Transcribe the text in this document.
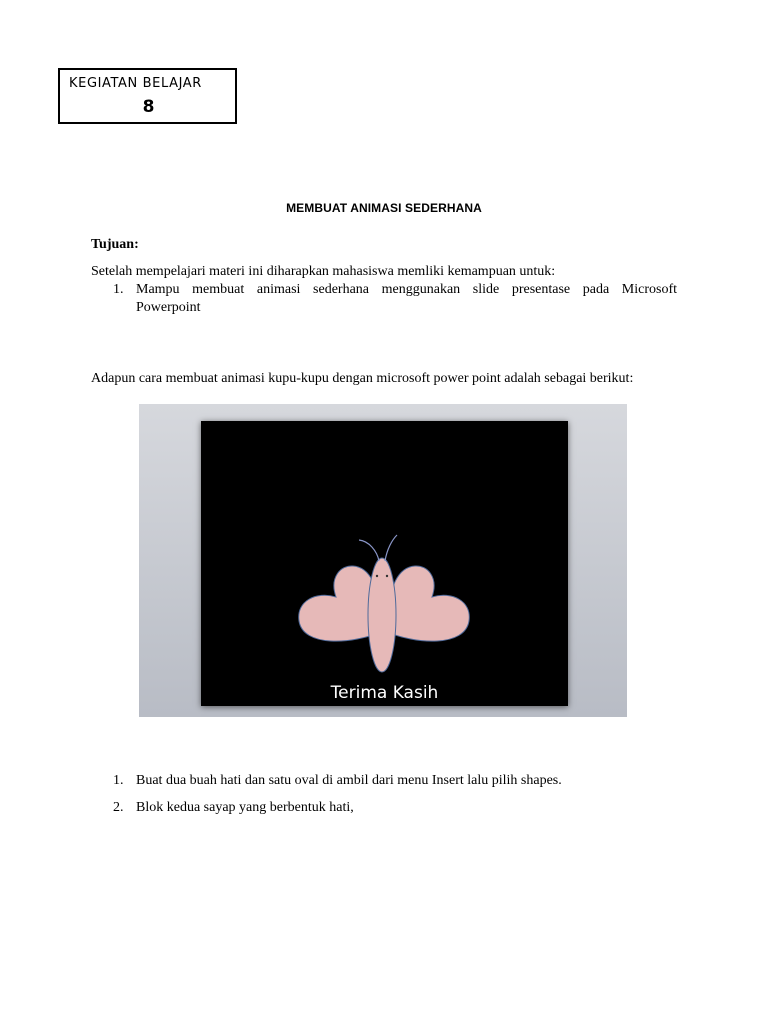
KEGIATAN BELAJAR
8
MEMBUAT ANIMASI SEDERHANA
Tujuan:
Setelah mempelajari materi ini diharapkan mahasiswa memliki kemampuan untuk:
1. Mampu membuat animasi sederhana menggunakan slide presentase pada Microsoft
Powerpoint
Adapun cara membuat animasi kupu-kupu dengan microsoft power point adalah sebagai berikut:
Terima Kasih
1. Buat dua buah hati dan satu oval di ambil dari menu Insert lalu pilih shapes.
2. Blok kedua sayap yang berbentuk hati,
